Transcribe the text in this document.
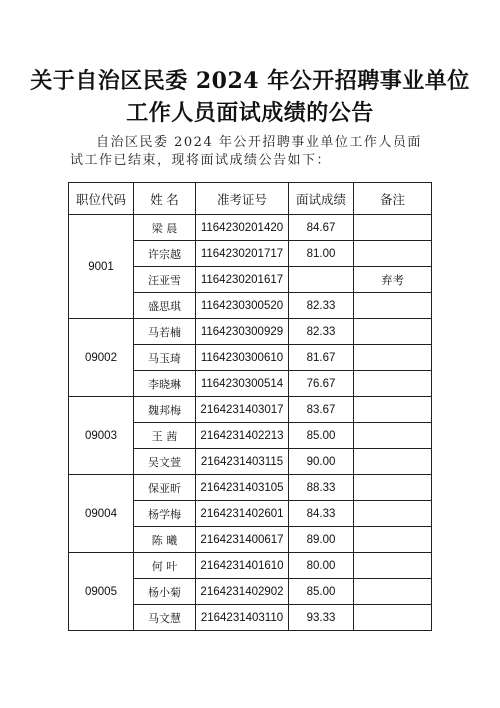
关于自治区民委 2024 年公开招聘事业单位
工作人员面试成绩的公告
自治区民委 2024 年公开招聘事业单位工作人员面试工作已结束，现将面试成绩公告如下：
职位代码	姓 名	准考证号	面试成绩	备注
9001	梁 晨	1164230201420	84.67	
	许宗越	1164230201717	81.00	
	汪亚雪	1164230201617		弃考
	盛思琪	1164230300520	82.33	
09002	马若楠	1164230300929	82.33	
	马玉琦	1164230300610	81.67	
	李晓琳	1164230300514	76.67	
09003	魏邦梅	2164231403017	83.67	
	王 茜	2164231402213	85.00	
	吴文萱	2164231403115	90.00	
09004	保亚昕	2164231403105	88.33	
	杨学梅	2164231402601	84.33	
	陈 曦	2164231400617	89.00	
09005	何 叶	2164231401610	80.00	
	杨小菊	2164231402902	85.00	
	马文慧	2164231403110	93.33	
